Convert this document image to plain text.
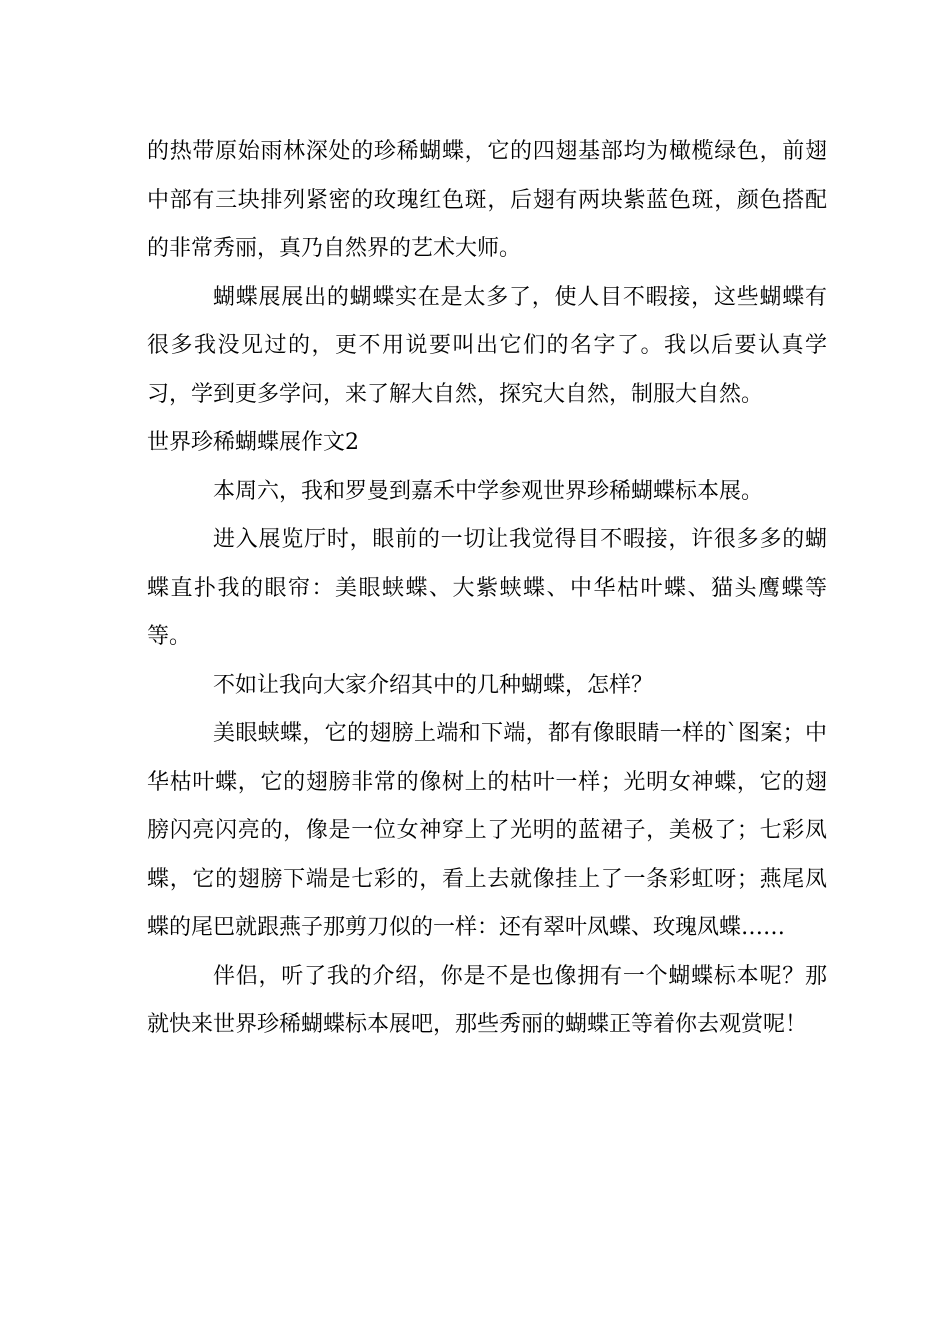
的热带原始雨林深处的珍稀蝴蝶，它的四翅基部均为橄榄绿色，前翅中部有三块排列紧密的玫瑰红色斑，后翅有两块紫蓝色斑，颜色搭配的非常秀丽，真乃自然界的艺术大师。

蝴蝶展展出的蝴蝶实在是太多了，使人目不暇接，这些蝴蝶有很多我没见过的，更不用说要叫出它们的名字了。我以后要认真学习，学到更多学问，来了解大自然，探究大自然，制服大自然。

世界珍稀蝴蝶展作文2

本周六，我和罗曼到嘉禾中学参观世界珍稀蝴蝶标本展。

进入展览厅时，眼前的一切让我觉得目不暇接，许很多多的蝴蝶直扑我的眼帘：美眼蛱蝶、大紫蛱蝶、中华枯叶蝶、猫头鹰蝶等等。

不如让我向大家介绍其中的几种蝴蝶，怎样？

美眼蛱蝶，它的翅膀上端和下端，都有像眼睛一样的`图案；中华枯叶蝶，它的翅膀非常的像树上的枯叶一样；光明女神蝶，它的翅膀闪亮闪亮的，像是一位女神穿上了光明的蓝裙子，美极了；七彩凤蝶，它的翅膀下端是七彩的，看上去就像挂上了一条彩虹呀；燕尾凤蝶的尾巴就跟燕子那剪刀似的一样：还有翠叶凤蝶、玫瑰凤蝶……

伴侣，听了我的介绍，你是不是也像拥有一个蝴蝶标本呢？那就快来世界珍稀蝴蝶标本展吧，那些秀丽的蝴蝶正等着你去观赏呢！
